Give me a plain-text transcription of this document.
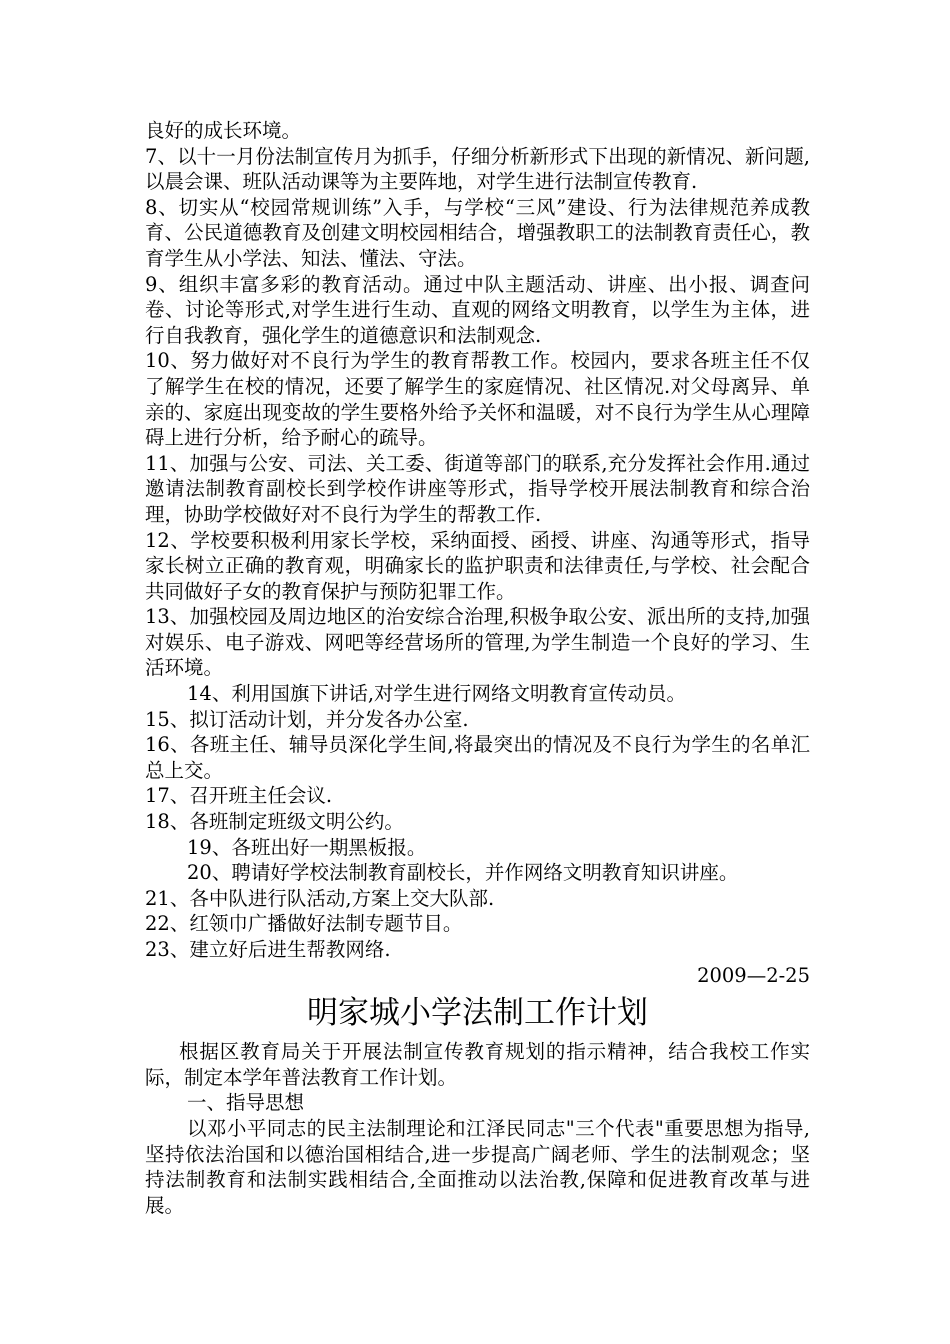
良好的成长环境。

7、以十一月份法制宣传月为抓手，仔细分析新形式下出现的新情况、新问题,以晨会课、班队活动课等为主要阵地，对学生进行法制宣传教育.

8、切实从“校园常规训练”入手，与学校“三风”建设、行为法律规范养成教育、公民道德教育及创建文明校园相结合，增强教职工的法制教育责任心，教育学生从小学法、知法、懂法、守法。

9、组织丰富多彩的教育活动。通过中队主题活动、讲座、出小报、调查问卷、讨论等形式,对学生进行生动、直观的网络文明教育，以学生为主体，进行自我教育，强化学生的道德意识和法制观念.

10、努力做好对不良行为学生的教育帮教工作。校园内，要求各班主任不仅了解学生在校的情况，还要了解学生的家庭情况、社区情况.对父母离异、单亲的、家庭出现变故的学生要格外给予关怀和温暖，对不良行为学生从心理障碍上进行分析，给予耐心的疏导。

11、加强与公安、司法、关工委、街道等部门的联系,充分发挥社会作用.通过邀请法制教育副校长到学校作讲座等形式，指导学校开展法制教育和综合治理，协助学校做好对不良行为学生的帮教工作.

12、学校要积极利用家长学校，采纳面授、函授、讲座、沟通等形式，指导家长树立正确的教育观，明确家长的监护职责和法律责任,与学校、社会配合共同做好子女的教育保护与预防犯罪工作。

13、加强校园及周边地区的治安综合治理,积极争取公安、派出所的支持,加强对娱乐、电子游戏、网吧等经营场所的管理,为学生制造一个良好的学习、生活环境。

14、利用国旗下讲话,对学生进行网络文明教育宣传动员。

15、拟订活动计划，并分发各办公室.

16、各班主任、辅导员深化学生间,将最突出的情况及不良行为学生的名单汇总上交。

17、召开班主任会议.

18、各班制定班级文明公约。

19、各班出好一期黑板报。

20、聘请好学校法制教育副校长，并作网络文明教育知识讲座。

21、各中队进行队活动,方案上交大队部.

22、红领巾广播做好法制专题节目。

23、建立好后进生帮教网络.

2009—2-25

明家城小学法制工作计划

根据区教育局关于开展法制宣传教育规划的指示精神，结合我校工作实际，制定本学年普法教育工作计划。

一、指导思想

以邓小平同志的民主法制理论和江泽民同志"三个代表"重要思想为指导,坚持依法治国和以德治国相结合,进一步提高广阔老师、学生的法制观念；坚持法制教育和法制实践相结合,全面推动以法治教,保障和促进教育改革与进展。
